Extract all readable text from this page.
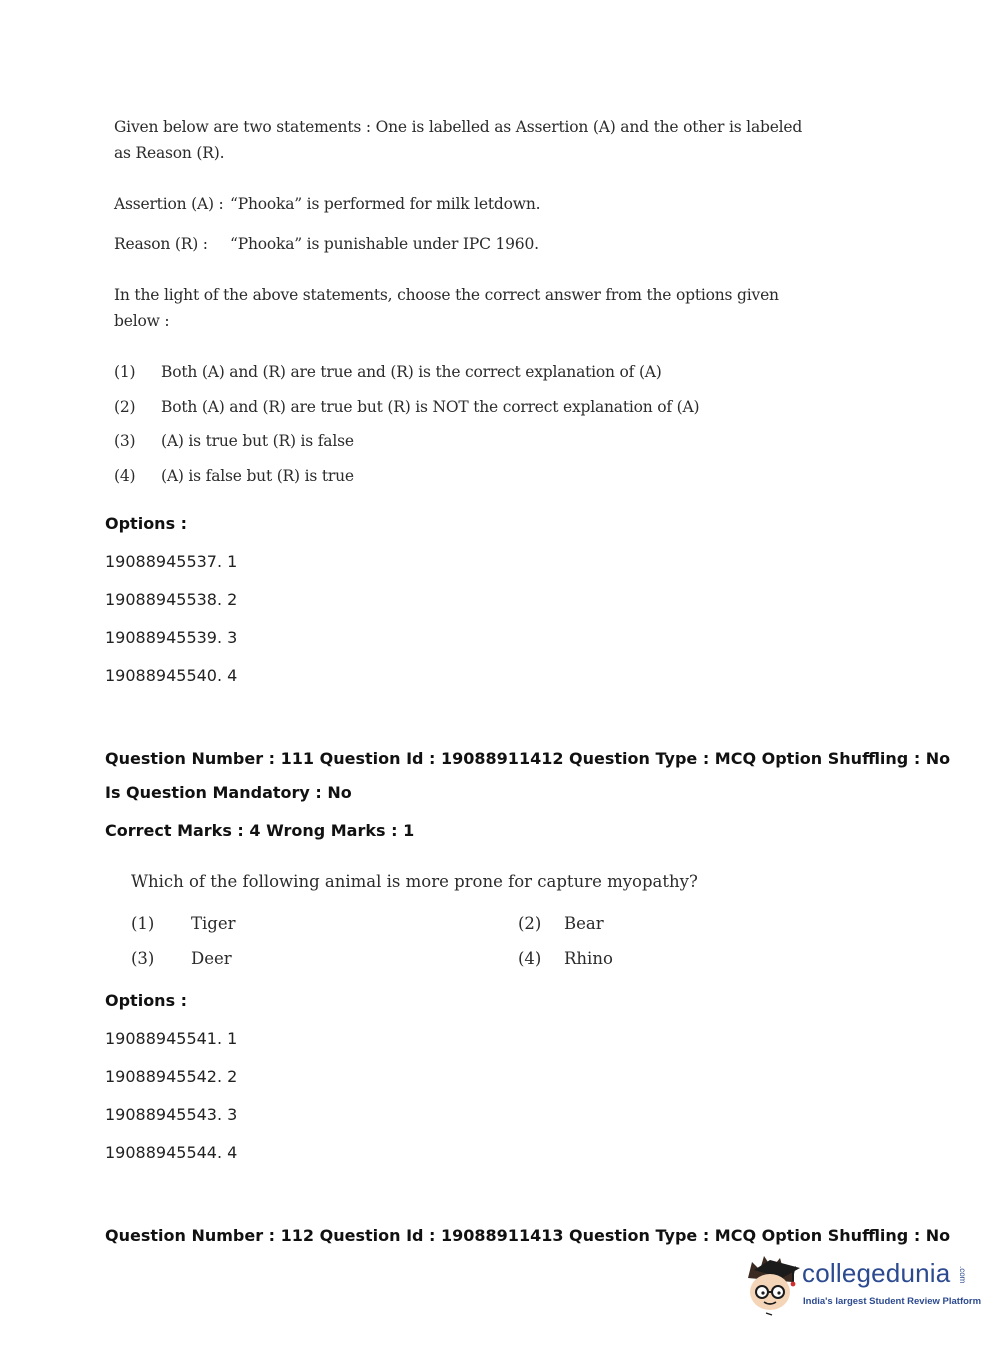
Given below are two statements : One is labelled as Assertion (A) and the other is labeled
as Reason (R).
Assertion (A) : “Phooka” is performed for milk letdown.
Reason (R) : “Phooka” is punishable under IPC 1960.
In the light of the above statements, choose the correct answer from the options given
below :
(1) Both (A) and (R) are true and (R) is the correct explanation of (A)
(2) Both (A) and (R) are true but (R) is NOT the correct explanation of (A)
(3) (A) is true but (R) is false
(4) (A) is false but (R) is true
Options :
19088945537. 1
19088945538. 2
19088945539. 3
19088945540. 4
Question Number : 111 Question Id : 19088911412 Question Type : MCQ Option Shuffling : No
Is Question Mandatory : No
Correct Marks : 4 Wrong Marks : 1
Which of the following animal is more prone for capture myopathy?
(1) Tiger	(2) Bear
(3) Deer	(4) Rhino
Options :
19088945541. 1
19088945542. 2
19088945543. 3
19088945544. 4
Question Number : 112 Question Id : 19088911413 Question Type : MCQ Option Shuffling : No
collegedunia .com
India's largest Student Review Platform
